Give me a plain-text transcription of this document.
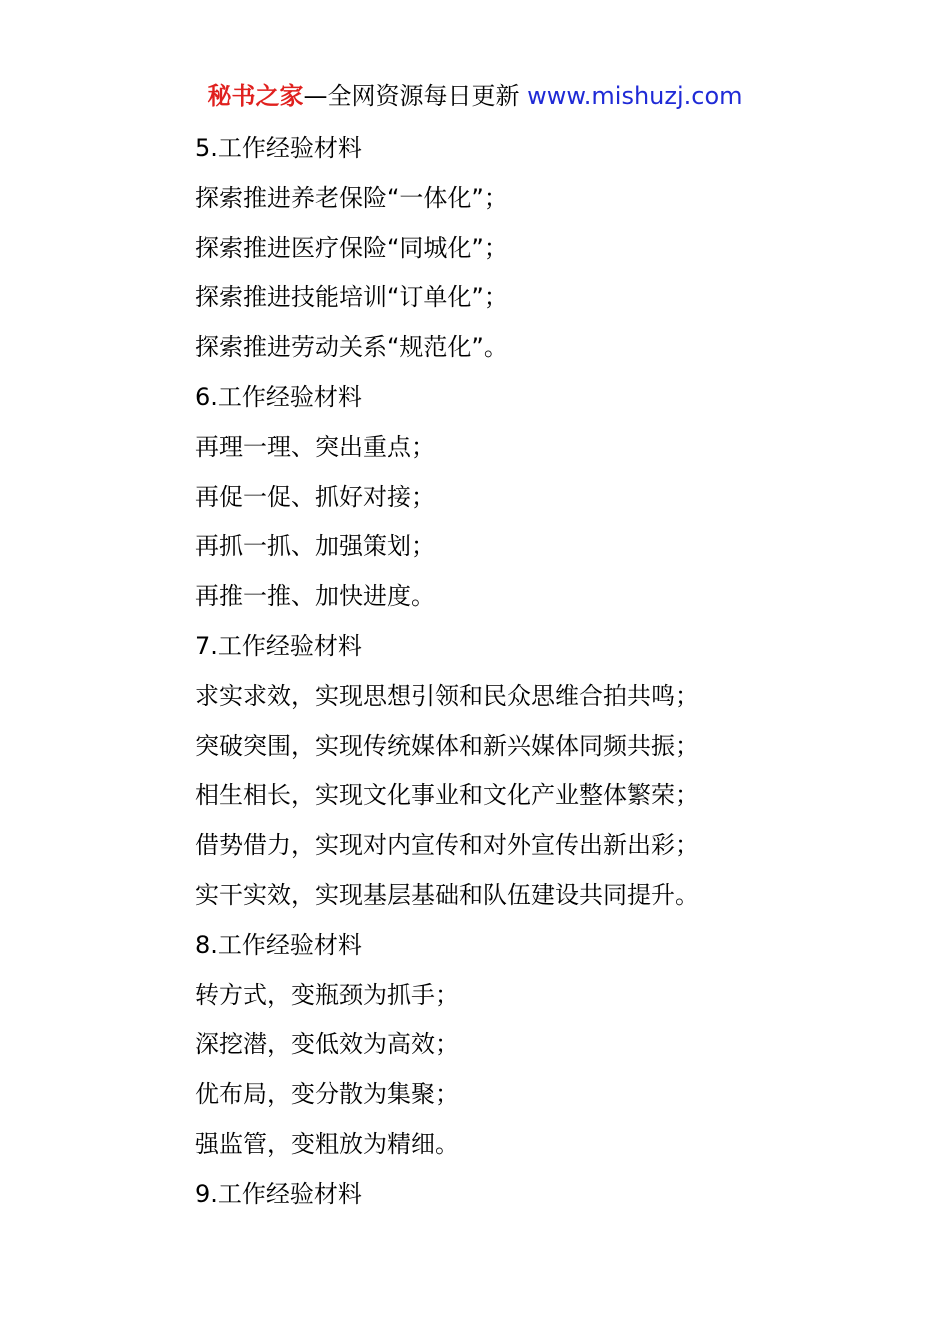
秘书之家—全网资源每日更新 www.mishuzj.com

5.工作经验材料

探索推进养老保险“一体化”；

探索推进医疗保险“同城化”；

探索推进技能培训“订单化”；

探索推进劳动关系“规范化”。

6.工作经验材料

再理一理、突出重点；

再促一促、抓好对接；

再抓一抓、加强策划；

再推一推、加快进度。

7.工作经验材料

求实求效，实现思想引领和民众思维合拍共鸣；

突破突围，实现传统媒体和新兴媒体同频共振；

相生相长，实现文化事业和文化产业整体繁荣；

借势借力，实现对内宣传和对外宣传出新出彩；

实干实效，实现基层基础和队伍建设共同提升。

8.工作经验材料

转方式，变瓶颈为抓手；

深挖潜，变低效为高效；

优布局，变分散为集聚；

强监管，变粗放为精细。

9.工作经验材料
